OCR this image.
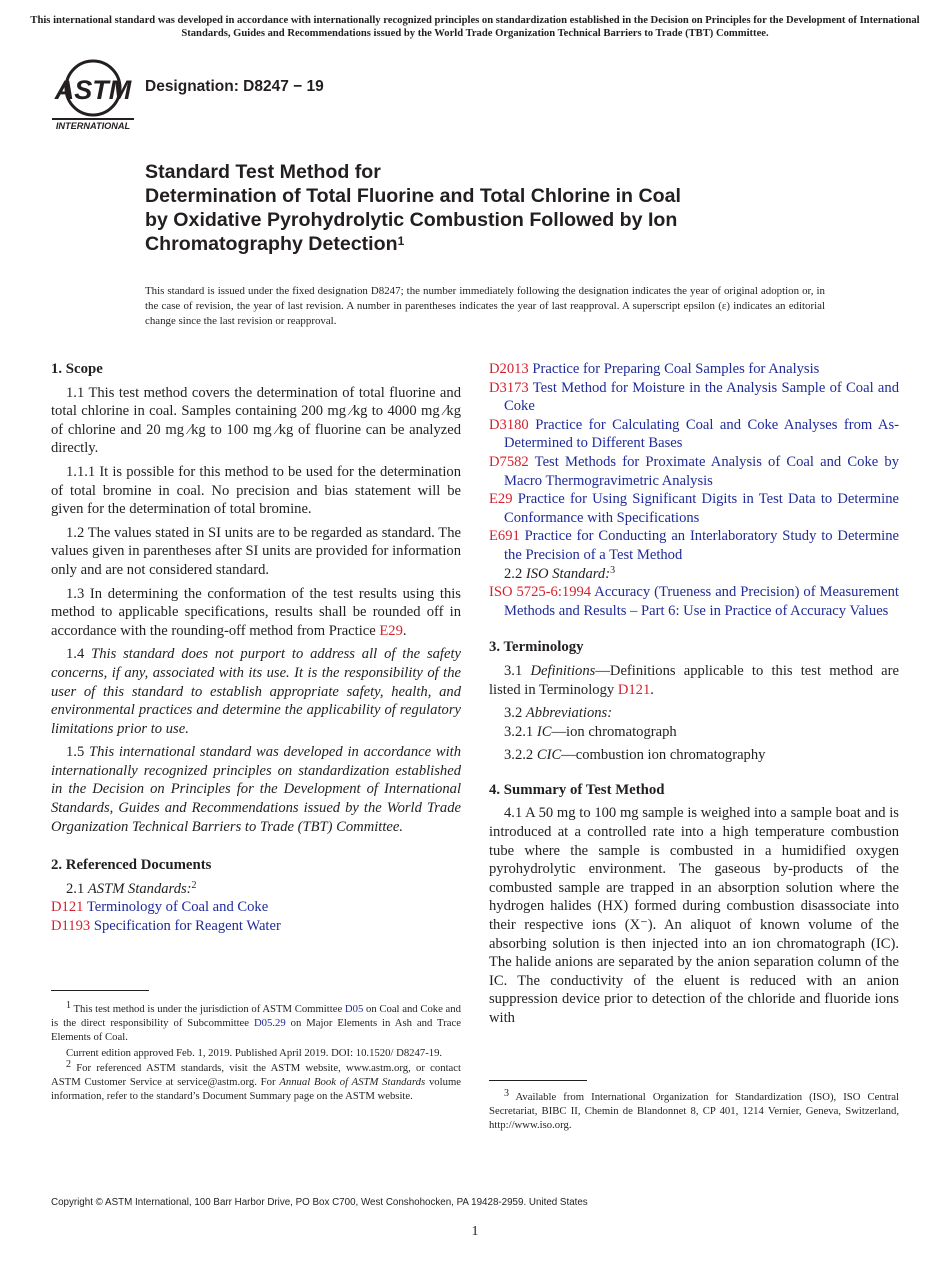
This international standard was developed in accordance with internationally recognized principles on standardization established in the Decision on Principles for the Development of International Standards, Guides and Recommendations issued by the World Trade Organization Technical Barriers to Trade (TBT) Committee.
ASTM
INTERNATIONAL
Designation: D8247 − 19
Standard Test Method for
Determination of Total Fluorine and Total Chlorine in Coal
by Oxidative Pyrohydrolytic Combustion Followed by Ion
Chromatography Detection$^1$
This standard is issued under the fixed designation D8247; the number immediately following the designation indicates the year of original adoption or, in the case of revision, the year of last revision. A number in parentheses indicates the year of last reapproval. A superscript epsilon (ε) indicates an editorial change since the last revision or reapproval.
1. Scope

1.1 This test method covers the determination of total fluorine and total chlorine in coal. Samples containing 200 mg ⁄kg to 4000 mg ⁄kg of chlorine and 20 mg ⁄kg to 100 mg ⁄kg of fluorine can be analyzed directly.

1.1.1 It is possible for this method to be used for the determination of total bromine in coal. No precision and bias statement will be given for the determination of total bromine.

1.2 The values stated in SI units are to be regarded as standard. The values given in parentheses after SI units are provided for information only and are not considered standard.

1.3 In determining the conformation of the test results using this method to applicable specifications, results shall be rounded off in accordance with the rounding-off method from Practice E29.

1.4 This standard does not purport to address all of the safety concerns, if any, associated with its use. It is the responsibility of the user of this standard to establish appropriate safety, health, and environmental practices and determine the applicability of regulatory limitations prior to use.

1.5 This international standard was developed in accordance with internationally recognized principles on standardization established in the Decision on Principles for the Development of International Standards, Guides and Recommendations issued by the World Trade Organization Technical Barriers to Trade (TBT) Committee.

2. Referenced Documents

2.1 ASTM Standards:$^2$

D121 Terminology of Coal and Coke
D1193 Specification for Reagent Water
D2013 Practice for Preparing Coal Samples for Analysis
D3173 Test Method for Moisture in the Analysis Sample of Coal and Coke
D3180 Practice for Calculating Coal and Coke Analyses from As-Determined to Different Bases
D7582 Test Methods for Proximate Analysis of Coal and Coke by Macro Thermogravimetric Analysis
E29 Practice for Using Significant Digits in Test Data to Determine Conformance with Specifications
E691 Practice for Conducting an Interlaboratory Study to Determine the Precision of a Test Method

2.2 ISO Standard:$^3$

ISO 5725-6:1994 Accuracy (Trueness and Precision) of Measurement Methods and Results – Part 6: Use in Practice of Accuracy Values
3. Terminology

3.1 Definitions—Definitions applicable to this test method are listed in Terminology D121.

3.2 Abbreviations:

3.2.1 IC—ion chromatograph

3.2.2 CIC—combustion ion chromatography

4. Summary of Test Method

4.1 A 50 mg to 100 mg sample is weighed into a sample boat and is introduced at a controlled rate into a high temperature combustion tube where the sample is combusted in a humidified oxygen pyrohydrolytic environment. The gaseous by-products of the combusted sample are trapped in an absorption solution where the hydrogen halides (HX) formed during combustion disassociate into their respective ions (X⁻). An aliquot of known volume of the absorbing solution is then injected into an ion chromatograph (IC). The halide anions are separated by the anion separation column of the IC. The conductivity of the eluent is reduced with an anion suppression device prior to detection of the chloride and fluoride ions with

1 This test method is under the jurisdiction of ASTM Committee D05 on Coal and Coke and is the direct responsibility of Subcommittee D05.29 on Major Elements in Ash and Trace Elements of Coal.

Current edition approved Feb. 1, 2019. Published April 2019. DOI: 10.1520/ D8247-19.

2 For referenced ASTM standards, visit the ASTM website, www.astm.org, or contact ASTM Customer Service at service@astm.org. For Annual Book of ASTM Standards volume information, refer to the standard’s Document Summary page on the ASTM website.	3 Available from International Organization for Standardization (ISO), ISO Central Secretariat, BIBC II, Chemin de Blandonnet 8, CP 401, 1214 Vernier, Geneva, Switzerland, http://www.iso.org.

Copyright © ASTM International, 100 Barr Harbor Drive, PO Box C700, West Conshohocken, PA 19428-2959. United States
1
